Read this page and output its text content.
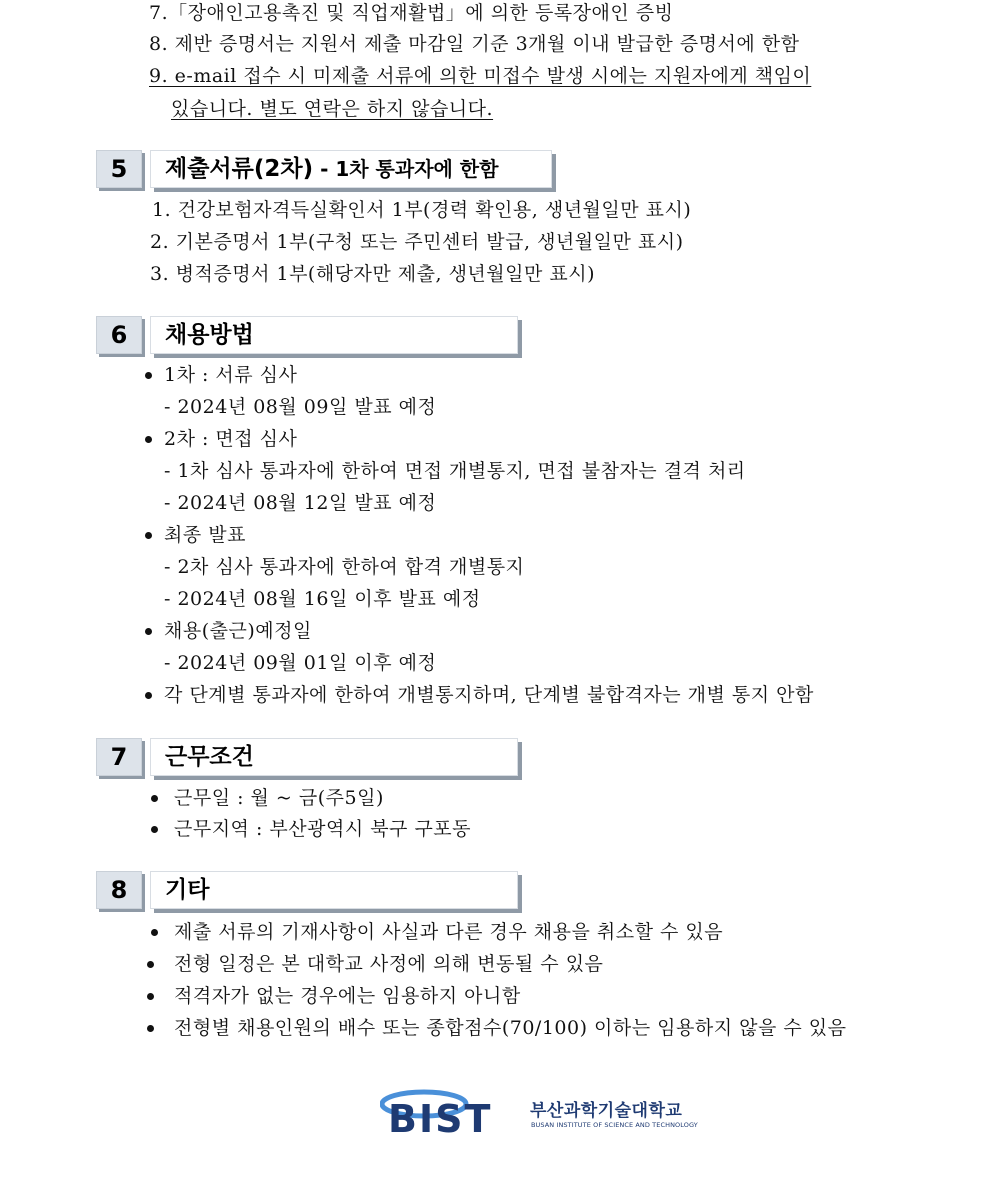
7.「장애인고용촉진 및 직업재활법」에 의한 등록장애인 증빙
8. 제반 증명서는 지원서 제출 마감일 기준 3개월 이내 발급한 증명서에 한함
9. e-mail 접수 시 미제출 서류에 의한 미접수 발생 시에는 지원자에게 책임이
있습니다. 별도 연락은 하지 않습니다.
5	제출서류(2차) - 1차 통과자에 한함
1. 건강보험자격득실확인서 1부(경력 확인용, 생년월일만 표시)
2. 기본증명서 1부(구청 또는 주민센터 발급, 생년월일만 표시)
3. 병적증명서 1부(해당자만 제출, 생년월일만 표시)
6	채용방법
1차 : 서류 심사
- 2024년 08월 09일 발표 예정
2차 : 면접 심사
- 1차 심사 통과자에 한하여 면접 개별통지, 면접 불참자는 결격 처리
- 2024년 08월 12일 발표 예정
최종 발표
- 2차 심사 통과자에 한하여 합격 개별통지
- 2024년 08월 16일 이후 발표 예정
채용(출근)예정일
- 2024년 09월 01일 이후 예정
각 단계별 통과자에 한하여 개별통지하며, 단계별 불합격자는 개별 통지 안함
7	근무조건
근무일 : 월 ~ 금(주5일)
근무지역 : 부산광역시 북구 구포동
8	기타
제출 서류의 기재사항이 사실과 다른 경우 채용을 취소할 수 있음
전형 일정은 본 대학교 사정에 의해 변동될 수 있음
적격자가 없는 경우에는 임용하지 아니함
전형별 채용인원의 배수 또는 종합점수(70/100) 이하는 임용하지 않을 수 있음
BIST 부산과학기술대학교
BUSAN INSTITUTE OF SCIENCE AND TECHNOLOGY
